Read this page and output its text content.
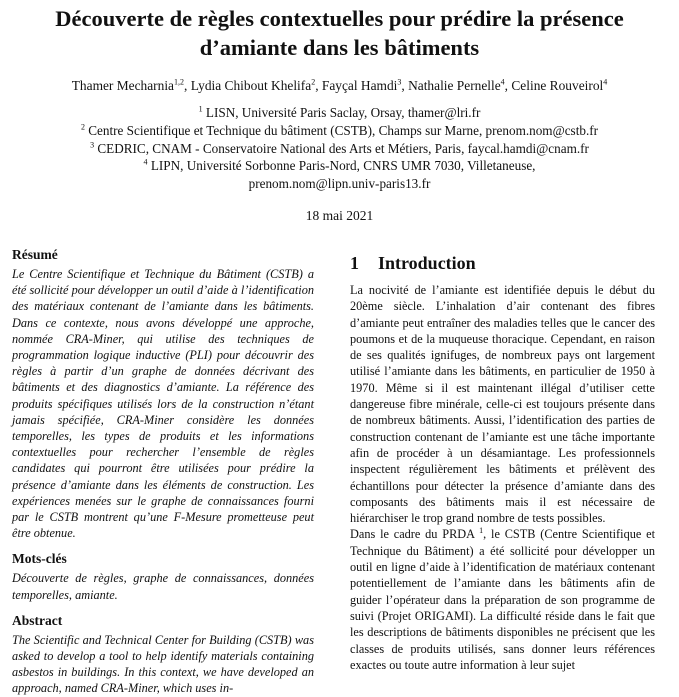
Découverte de règles contextuelles pour prédire la présence
d’amiante dans les bâtiments
Thamer Mecharnia$^{1,2}$, Lydia Chibout Khelifa$^2$, Fayçal Hamdi$^3$, Nathalie Pernelle$^4$, Celine Rouveirol$^4$
$^1$ LISN, Université Paris Saclay, Orsay, thamer@lri.fr
$^2$ Centre Scientifique et Technique du bâtiment (CSTB), Champs sur Marne, prenom.nom@cstb.fr
$^3$ CEDRIC, CNAM - Conservatoire National des Arts et Métiers, Paris, faycal.hamdi@cnam.fr
$^4$ LIPN, Université Sorbonne Paris-Nord, CNRS UMR 7030, Villetaneuse,
prenom.nom@lipn.univ-paris13.fr
18 mai 2021
Résumé

Le Centre Scientifique et Technique du Bâtiment (CSTB) a été sollicité pour développer un outil d’aide à l’identification des matériaux contenant de l’amiante dans les bâtiments. Dans ce contexte, nous avons développé une approche, nommée CRA-Miner, qui utilise des techniques de programmation logique inductive (PLI) pour découvrir des règles à partir d’un graphe de données décrivant des bâtiments et des diagnostics d’amiante. La référence des produits spécifiques utilisés lors de la construction n’étant jamais spécifiée, CRA-Miner considère les données temporelles, les types de produits et les informations contextuelles pour rechercher l’ensemble de règles candidates qui pourront être utilisées pour prédire la présence d’amiante dans les éléments de construction. Les expériences menées sur le graphe de connaissances fourni par le CSTB montrent qu’une F-Mesure prometteuse peut être obtenue.

Mots-clés

Découverte de règles, graphe de connaissances, données temporelles, amiante.

Abstract

The Scientific and Technical Center for Building (CSTB) was asked to develop a tool to help identify materials containing asbestos in buildings. In this context, we have developed an approach, named CRA-Miner, which uses in-

1 Introduction

La nocivité de l’amiante est identifiée depuis le début du 20ème siècle. L’inhalation d’air contenant des fibres d’amiante peut entraîner des maladies telles que le cancer des poumons et de la muqueuse thoracique. Cependant, en raison de ses qualités ignifuges, de nombreux pays ont largement utilisé l’amiante dans les bâtiments, en particulier de 1950 à 1970. Même si il est maintenant illégal d’utiliser cette dangereuse fibre minérale, celle-ci est toujours présente dans de nombreux bâtiments. Aussi, l’identification des parties de construction contenant de l’amiante est une tâche importante afin de procéder à un désamiantage. Les professionnels inspectent régulièrement les bâtiments et prélèvent des échantillons pour détecter la présence d’amiante dans des composants des bâtiments mais il est nécessaire de hiérarchiser le trop grand nombre de tests possibles.

Dans le cadre du PRDA $^1$, le CSTB (Centre Scientifique et Technique du Bâtiment) a été sollicité pour développer un outil en ligne d’aide à l’identification de matériaux contenant potentiellement de l’amiante dans les bâtiments afin de guider l’opérateur dans la préparation de son programme de suivi (Projet ORIGAMI). La difficulté réside dans le fait que les descriptions de bâtiments disponibles ne précisent que les classes de produits utilisés, sans donner leurs références exactes ou toute autre information à leur sujet
